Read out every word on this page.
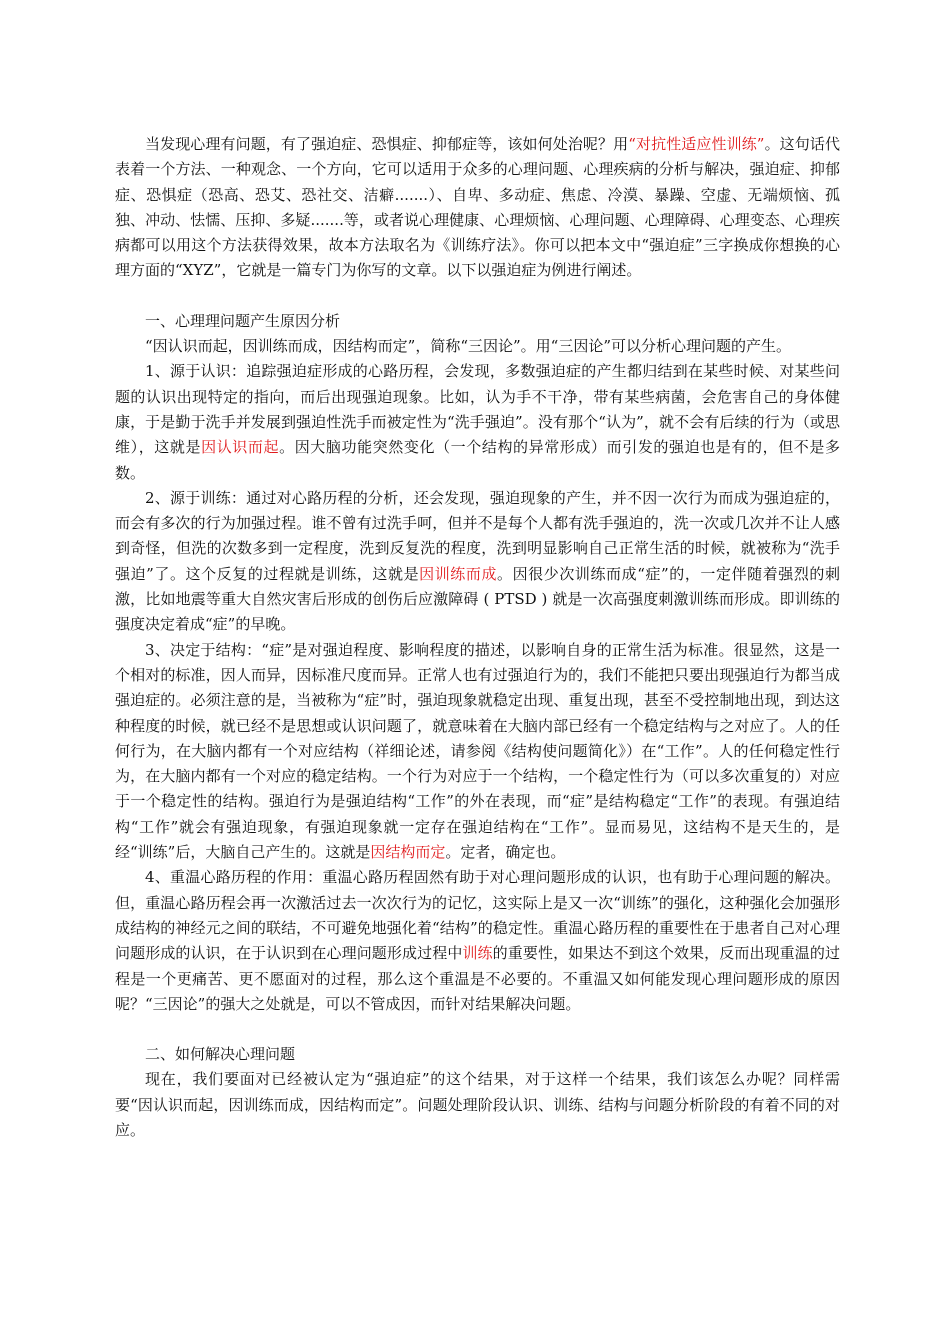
当发现心理有问题，有了强迫症、恐惧症、抑郁症等，该如何处治呢？用“对抗性适应性训练”。这句话代表着一个方法、一种观念、一个方向，它可以适用于众多的心理问题、心理疾病的分析与解决，强迫症、抑郁症、恐惧症（恐高、恐艾、恐社交、洁癖.......）、自卑、多动症、焦虑、冷漠、暴躁、空虚、无端烦恼、孤独、冲动、怯懦、压抑、多疑.......等，或者说心理健康、心理烦恼、心理问题、心理障碍、心理变态、心理疾病都可以用这个方法获得效果，故本方法取名为《训练疗法》。你可以把本文中“强迫症”三字换成你想换的心理方面的“XYZ”，它就是一篇专门为你写的文章。以下以强迫症为例进行阐述。

一、心理理问题产生原因分析

“因认识而起，因训练而成，因结构而定”，简称“三因论”。用“三因论”可以分析心理问题的产生。

1、源于认识：追踪强迫症形成的心路历程，会发现，多数强迫症的产生都归结到在某些时候、对某些问题的认识出现特定的指向，而后出现强迫现象。比如，认为手不干净，带有某些病菌，会危害自己的身体健康，于是勤于洗手并发展到强迫性洗手而被定性为“洗手强迫”。没有那个“认为”，就不会有后续的行为（或思维），这就是因认识而起。因大脑功能突然变化（一个结构的异常形成）而引发的强迫也是有的，但不是多数。

2、源于训练：通过对心路历程的分析，还会发现，强迫现象的产生，并不因一次行为而成为强迫症的，而会有多次的行为加强过程。谁不曾有过洗手呵，但并不是每个人都有洗手强迫的，洗一次或几次并不让人感到奇怪，但洗的次数多到一定程度，洗到反复洗的程度，洗到明显影响自己正常生活的时候，就被称为“洗手强迫”了。这个反复的过程就是训练，这就是因训练而成。因很少次训练而成“症”的，一定伴随着强烈的刺激，比如地震等重大自然灾害后形成的创伤后应激障碍 ( PTSD ) 就是一次高强度刺激训练而形成。即训练的强度决定着成“症”的早晚。

3、决定于结构：“症”是对强迫程度、影响程度的描述，以影响自身的正常生活为标准。很显然，这是一个相对的标准，因人而异，因标准尺度而异。正常人也有过强迫行为的，我们不能把只要出现强迫行为都当成强迫症的。必须注意的是，当被称为“症”时，强迫现象就稳定出现、重复出现，甚至不受控制地出现，到达这种程度的时候，就已经不是思想或认识问题了，就意味着在大脑内部已经有一个稳定结构与之对应了。人的任何行为，在大脑内都有一个对应结构（祥细论述，请参阅《结构使问题简化》）在“工作”。人的任何稳定性行为，在大脑内都有一个对应的稳定结构。一个行为对应于一个结构，一个稳定性行为（可以多次重复的）对应于一个稳定性的结构。强迫行为是强迫结构“工作”的外在表现，而“症”是结构稳定“工作”的表现。有强迫结构“工作”就会有强迫现象，有强迫现象就一定存在强迫结构在“工作”。显而易见，这结构不是天生的，是经“训练”后，大脑自己产生的。这就是因结构而定。定者，确定也。

4、重温心路历程的作用：重温心路历程固然有助于对心理问题形成的认识，也有助于心理问题的解决。但，重温心路历程会再一次激活过去一次次行为的记忆，这实际上是又一次“训练”的强化，这种强化会加强形成结构的神经元之间的联结，不可避免地强化着“结构”的稳定性。重温心路历程的重要性在于患者自己对心理问题形成的认识，在于认识到在心理问题形成过程中训练的重要性，如果达不到这个效果，反而出现重温的过程是一个更痛苦、更不愿面对的过程，那么这个重温是不必要的。不重温又如何能发现心理问题形成的原因呢？“三因论”的强大之处就是，可以不管成因，而针对结果解决问题。

二、如何解决心理问题

现在，我们要面对已经被认定为“强迫症”的这个结果，对于这样一个结果，我们该怎么办呢？同样需要“因认识而起，因训练而成，因结构而定”。问题处理阶段认识、训练、结构与问题分析阶段的有着不同的对应。
